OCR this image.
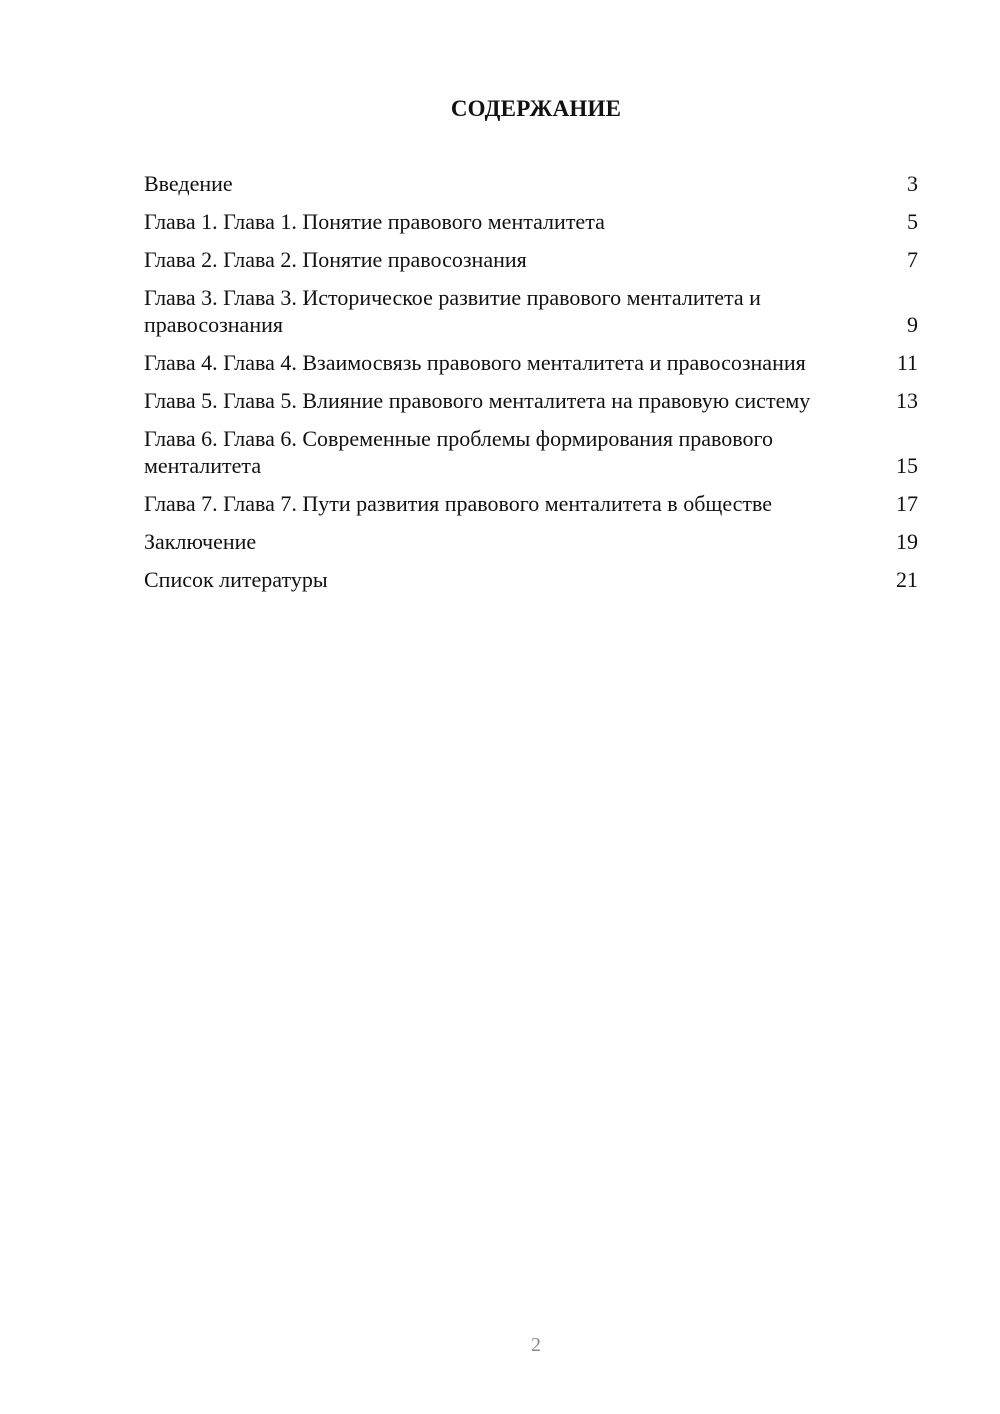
СОДЕРЖАНИЕ
Введение	3
Глава 1. Глава 1. Понятие правового менталитета	5
Глава 2. Глава 2. Понятие правосознания	7
Глава 3. Глава 3. Историческое развитие правового менталитета и правосознания	9
Глава 4. Глава 4. Взаимосвязь правового менталитета и правосознания	11
Глава 5. Глава 5. Влияние правового менталитета на правовую систему	13
Глава 6. Глава 6. Современные проблемы формирования правового менталитета	15
Глава 7. Глава 7. Пути развития правового менталитета в обществе	17
Заключение	19
Список литературы	21
2
